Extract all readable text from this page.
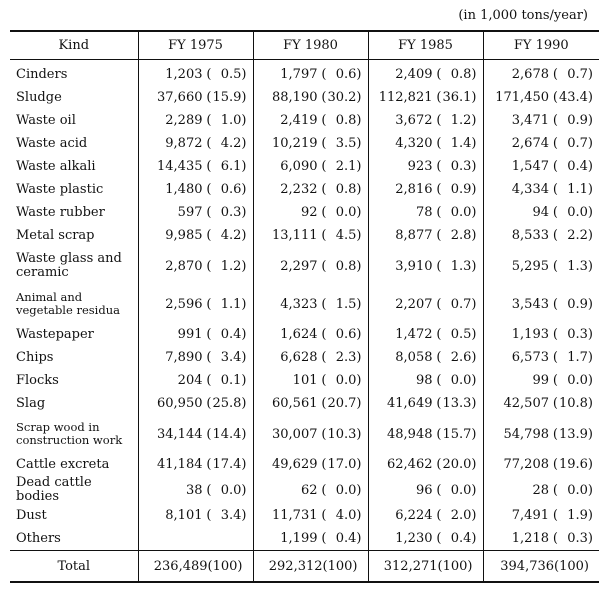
(in 1,000 tons/year)
Kind	FY 1975	FY 1980	FY 1985	FY 1990

Cinders	1,203 ( 0.5)	1,797 ( 0.6)	2,409 ( 0.8)	2,678 ( 0.7)

Sludge	37,660 (15.9)	88,190 (30.2)	112,821 (36.1)	171,450 (43.4)

Waste oil	2,289 ( 1.0)	2,419 ( 0.8)	3,672 ( 1.2)	3,471 ( 0.9)

Waste acid	9,872 ( 4.2)	10,219 ( 3.5)	4,320 ( 1.4)	2,674 ( 0.7)

Waste alkali	14,435 ( 6.1)	6,090 ( 2.1)	923 ( 0.3)	1,547 ( 0.4)

Waste plastic	1,480 ( 0.6)	2,232 ( 0.8)	2,816 ( 0.9)	4,334 ( 1.1)

Waste rubber	597 ( 0.3)	92 ( 0.0)	78 ( 0.0)	94 ( 0.0)

Metal scrap	9,985 ( 4.2)	13,111 ( 4.5)	8,877 ( 2.8)	8,533 ( 2.2)

Waste glass and ceramic	2,870 ( 1.2)	2,297 ( 0.8)	3,910 ( 1.3)	5,295 ( 1.3)

Animal and vegetable residua	2,596 ( 1.1)	4,323 ( 1.5)	2,207 ( 0.7)	3,543 ( 0.9)

Wastepaper	991 ( 0.4)	1,624 ( 0.6)	1,472 ( 0.5)	1,193 ( 0.3)

Chips	7,890 ( 3.4)	6,628 ( 2.3)	8,058 ( 2.6)	6,573 ( 1.7)

Flocks	204 ( 0.1)	101 ( 0.0)	98 ( 0.0)	99 ( 0.0)

Slag	60,950 (25.8)	60,561 (20.7)	41,649 (13.3)	42,507 (10.8)

Scrap wood in construction work	34,144 (14.4)	30,007 (10.3)	48,948 (15.7)	54,798 (13.9)

Cattle excreta	41,184 (17.4)	49,629 (17.0)	62,462 (20.0)	77,208 (19.6)

Dead cattle bodies	38 ( 0.0)	62 ( 0.0)	96 ( 0.0)	28 ( 0.0)

Dust	8,101 ( 3.4)	11,731 ( 4.0)	6,224 ( 2.0)	7,491 ( 1.9)

Others		1,199 ( 0.4)	1,230 ( 0.4)	1,218 ( 0.3)

Total	236,489 ( 100 )	292,312 ( 100 )	312,271 ( 100 )	394,736 ( 100 )
